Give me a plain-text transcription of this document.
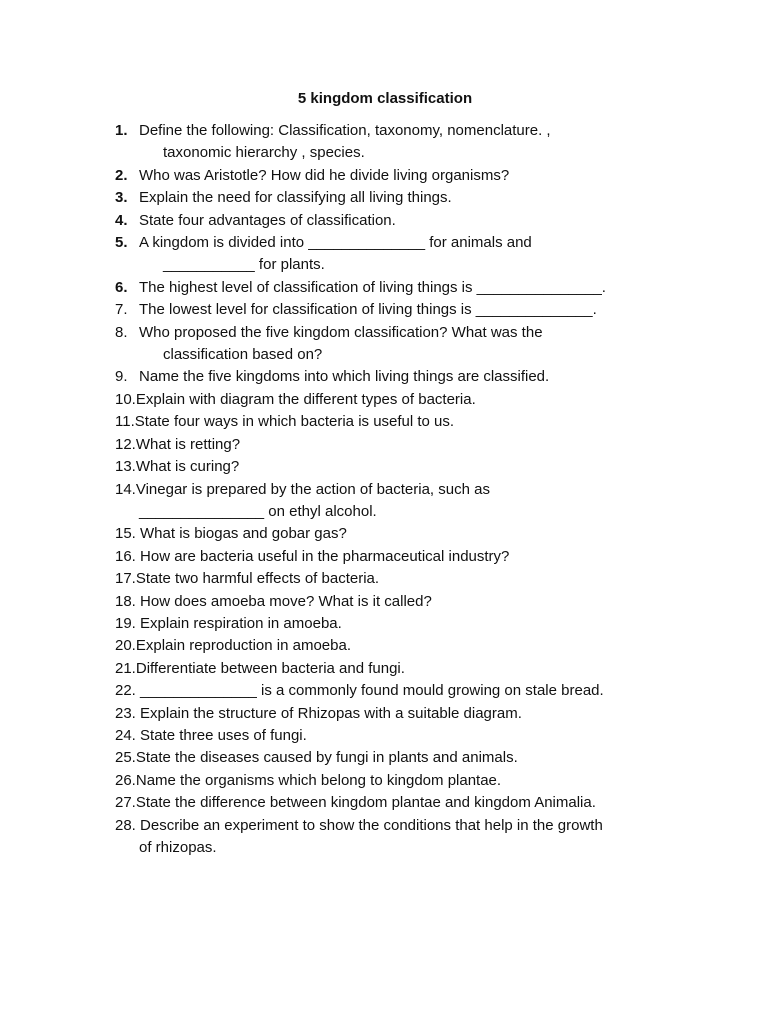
5 kingdom classification
1. Define the following: Classification, taxonomy, nomenclature. ,
taxonomic hierarchy , species.
2. Who was Aristotle? How did he divide living organisms?
3. Explain the need for classifying all living things.
4. State four advantages of classification.
5. A kingdom is divided into ______________ for animals and
___________ for plants.
6. The highest level of classification of living things is _______________.
7. The lowest level for classification of living things is ______________.
8. Who proposed the five kingdom classification? What was the
classification based on?
9. Name the five kingdoms into which living things are classified.
10.Explain with diagram the different types of bacteria.
11.State four ways in which bacteria is useful to us.
12.What is retting?
13.What is curing?
14.Vinegar is prepared by the action of bacteria, such as
_______________ on ethyl alcohol.
15. What is biogas and gobar gas?
16. How are bacteria useful in the pharmaceutical industry?
17.State two harmful effects of bacteria.
18. How does amoeba move? What is it called?
19. Explain respiration in amoeba.
20.Explain reproduction in amoeba.
21.Differentiate between bacteria and fungi.
22. ______________ is a commonly found mould growing on stale bread.
23. Explain the structure of Rhizopas with a suitable diagram.
24. State three uses of fungi.
25.State the diseases caused by fungi in plants and animals.
26.Name the organisms which belong to kingdom plantae.
27.State the difference between kingdom plantae and kingdom Animalia.
28. Describe an experiment to show the conditions that help in the growth
of rhizopas.
